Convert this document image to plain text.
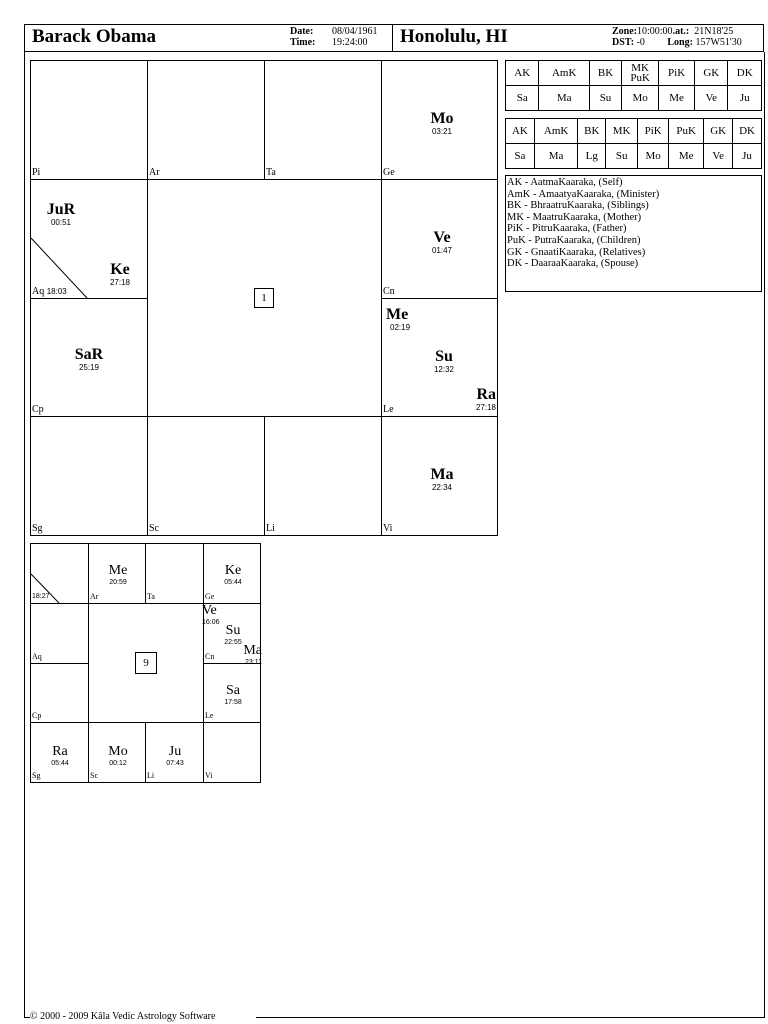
Barack Obama	Date: 08/04/1961
Time: 19:24:00 Honolulu, HI	Zone:10:00:00.at.: 21N18'25
DST: -0 Long: 157W51'30
Pi	Ar	Ta
Mo
03:21
Ge
JuR
00:51
Ke
27:18
Aq 18:03
1
Ve
01:47
Cn
SaR
25:19
Cp
Me
02:19
Su
12:32
Ra
27:18
Le
Sg	Sc	Li
Ma
22:34
Vi
AK	AmK	BK	MK PuK	PiK	GK	DK
Sa	Ma	Su	Mo	Me	Ve	Ju
AK	AmK	BK	MK	PiK	PuK	GK	DK
Sa	Ma	Lg	Su	Mo	Me	Ve	Ju
AK - AatmaKaaraka, (Self)
AmK - AmaatyaKaaraka, (Minister)
BK - BhraatruKaaraka, (Siblings)
MK - MaatruKaaraka, (Mother)
PiK - PitruKaaraka, (Father)
PuK - PutraKaaraka, (Children)
GK - GnaatiKaaraka, (Relatives)
DK - DaaraaKaaraka, (Spouse)
18:27
Me
20:59
Ar	Ta
Ke
05:44
Ge
Aq
9
Ve
16:06
Su
22:55
Ma
23:11
Cn
Cp
Sa
17:58
Le
Ra
05:44
Sg
Mo
00:12
Sc
Ju
07:43
Li	Vi
© 2000 - 2009 Kāla Vedic Astrology Software
